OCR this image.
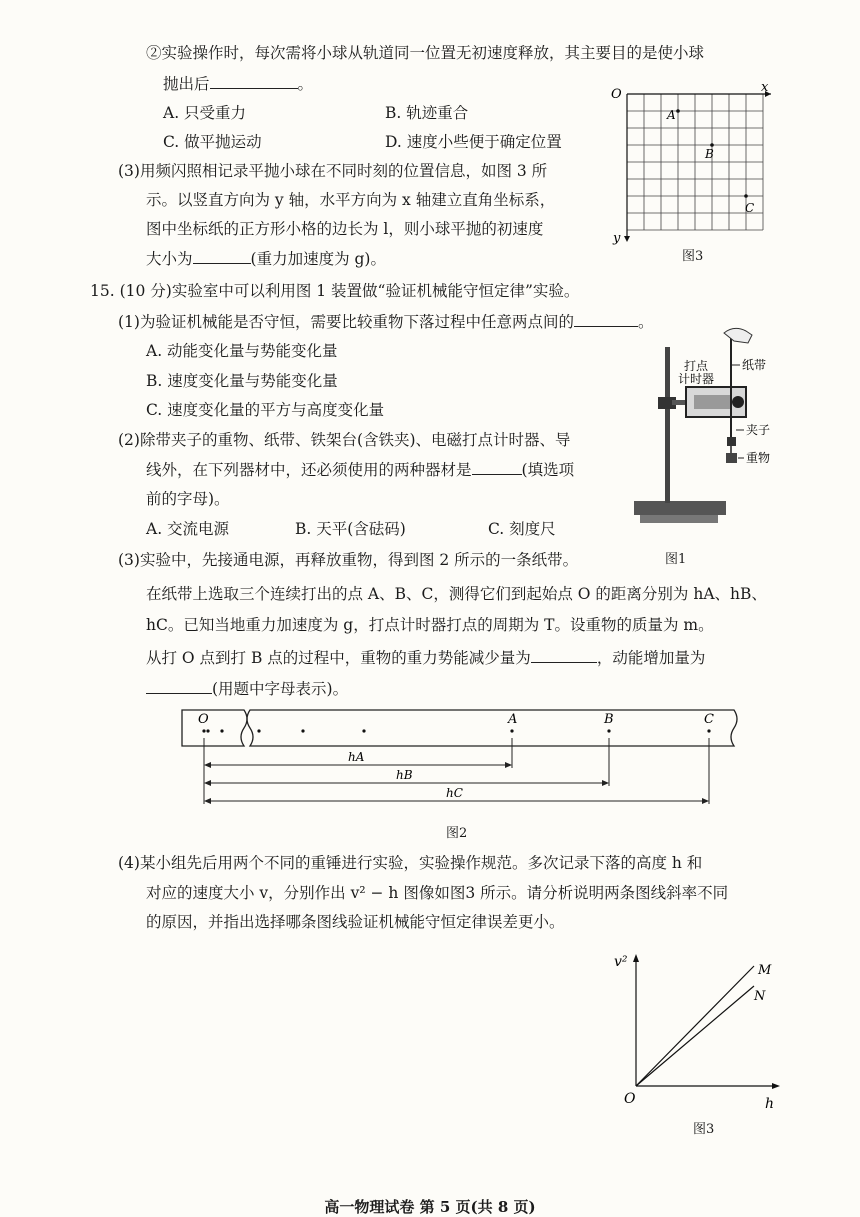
②实验操作时，每次需将小球从轨道同一位置无初速度释放，其主要目的是使小球
抛出后	。
A. 只受重力	B. 轨迹重合
C. 做平抛运动	D. 速度小些便于确定位置
(3)用频闪照相记录平抛小球在不同时刻的位置信息，如图 3 所
示。以竖直方向为 y 轴，水平方向为 x 轴建立直角坐标系，
图中坐标纸的正方形小格的边长为 l，则小球平抛的初速度
大小为	(重力加速度为 g)。
O	x
y
A
B
C
图3
15. (10 分)实验室中可以利用图 1 装置做“验证机械能守恒定律”实验。
(1)为验证机械能是否守恒，需要比较重物下落过程中任意两点间的	。
A. 动能变化量与势能变化量
B. 速度变化量与势能变化量
C. 速度变化量的平方与高度变化量
(2)除带夹子的重物、纸带、铁架台(含铁夹)、电磁打点计时器、导
线外，在下列器材中，还必须使用的两种器材是	(填选项
前的字母)。
A. 交流电源	B. 天平(含砝码)	C. 刻度尺
打点
计时器
纸带
夹子
重物
图1
(3)实验中，先接通电源，再释放重物，得到图 2 所示的一条纸带。
在纸带上选取三个连续打出的点 A、B、C，测得它们到起始点 O 的距离分别为 hA、hB、
hC。已知当地重力加速度为 g，打点计时器打点的周期为 T。设重物的质量为 m。
从打 O 点到打 B 点的过程中，重物的重力势能减少量为	，动能增加量为
(用题中字母表示)。
O	A	B	C
hA
hB
hC
图2
(4)某小组先后用两个不同的重锤进行实验，实验操作规范。多次记录下落的高度 h 和
对应的速度大小 v，分别作出 v² − h 图像如图3 所示。请分析说明两条图线斜率不同
的原因，并指出选择哪条图线验证机械能守恒定律误差更小。
v²
h
O
M
N
图3
高一物理试卷 第 5 页(共 8 页)
